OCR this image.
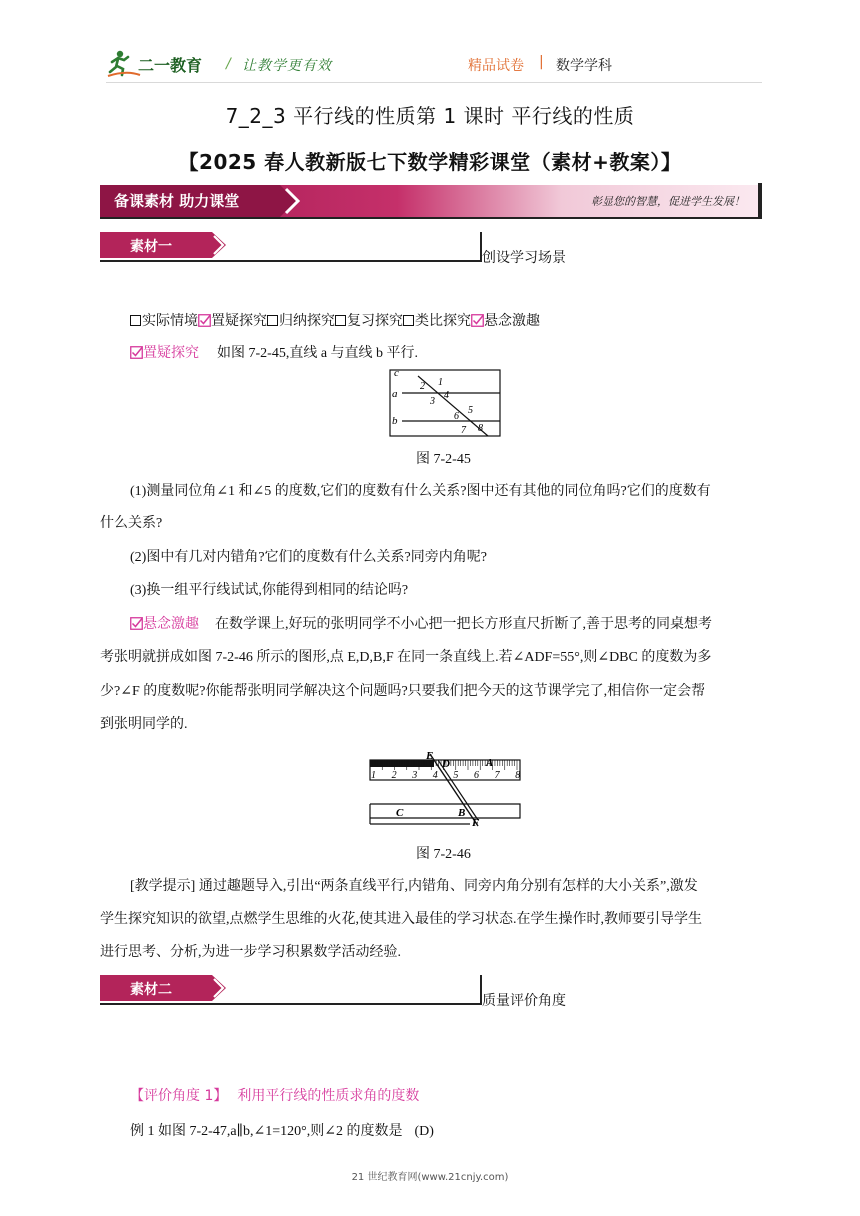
二一教育 / 让教学更有效	精品试卷 | 数学学科
7_2_3 平行线的性质第 1 课时 平行线的性质
【2025 春人教新版七下数学精彩课堂（素材+教案）】
备课素材 助力课堂	彰显您的智慧，促进学生发展！
素材一
创设学习场景
实际情境 置疑探究 归纳探究 复习探究 类比探究 悬念激趣
置疑探究 如图 7-2-45,直线 a 与直线 b 平行.
c
a
b
1
2
3
4
5
6
7 8
图 7-2-45
(1)测量同位角∠1 和∠5 的度数,它们的度数有什么关系?图中还有其他的同位角吗?它们的度数有
什么关系?
(2)图中有几对内错角?它们的度数有什么关系?同旁内角呢?
(3)换一组平行线试试,你能得到相同的结论吗?
悬念激趣 在数学课上,好玩的张明同学不小心把一把长方形直尺折断了,善于思考的同桌想考
考张明就拼成如图 7-2-46 所示的图形,点 E,D,B,F 在同一条直线上.若∠ADF=55°,则∠DBC 的度数为多
少?∠F 的度数呢?你能帮张明同学解决这个问题吗?只要我们把今天的这节课学完了,相信你一定会帮
到张明同学的.
1 2 3 4 5 6 7 8
E
D	A
C	B
F
图 7-2-46
[教学提示] 通过趣题导入,引出“两条直线平行,内错角、同旁内角分别有怎样的大小关系”,激发
学生探究知识的欲望,点燃学生思维的火花,使其进入最佳的学习状态.在学生操作时,教师要引导学生
进行思考、分析,为进一步学习积累数学活动经验.
素材二
质量评价角度
【评价角度 1】 利用平行线的性质求角的度数
例 1 如图 7-2-47,a∥b,∠1=120°,则∠2 的度数是 (D)
21 世纪教育网(www.21cnjy.com)
